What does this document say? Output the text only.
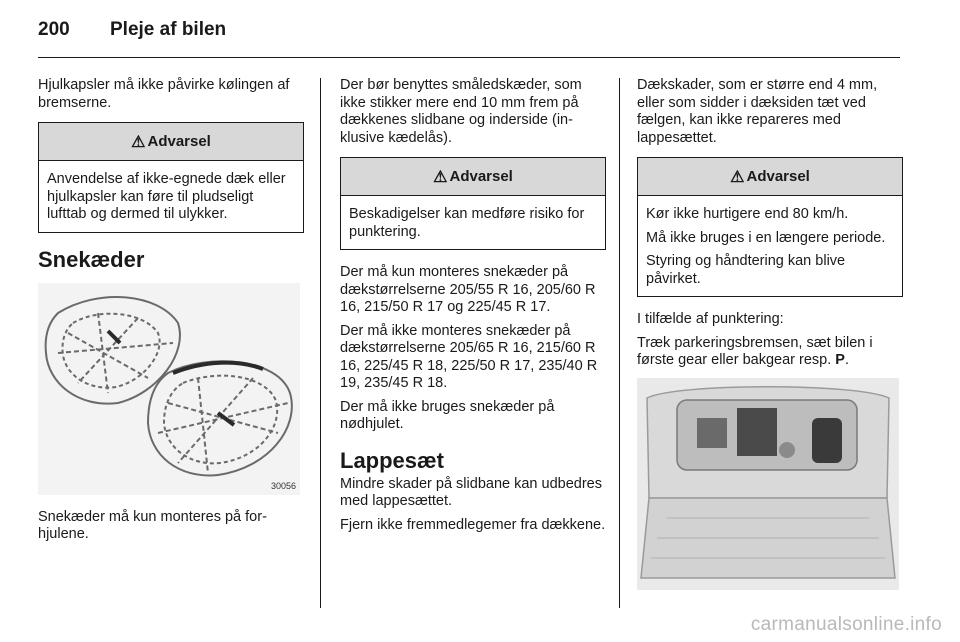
200	Pleje af bilen

Hjulkapsler må ikke påvirke kølingen af bremserne.

⚠ Advarsel

Anvendelse af ikke-egnede dæk eller hjulkapsler kan føre til pludseligt lufttab og dermed til ulykker.

Snekæder
30056

Snekæder må kun monteres på forhjulene.

Der bør benyttes småledskæder, som ikke stikker mere end 10 mm frem på dækkenes slidbane og inderside (inklusive kædelås).

⚠ Advarsel

Beskadigelser kan medføre risiko for punktering.

Der må kun monteres snekæder på dækstørrelserne 205/55 R 16, 205/60 R 16, 215/50 R 17 og 225/45 R 17.

Der må ikke monteres snekæder på dækstørrelserne 205/65 R 16, 215/60 R 16, 225/45 R 18, 225/50 R 17, 235/40 R 19, 235/45 R 18.

Der må ikke bruges snekæder på nødhjulet.

Lappesæt

Mindre skader på slidbane kan udbedres med lappesættet.

Fjern ikke fremmedlegemer fra dækkene.

Dækskader, som er større end 4 mm, eller som sidder i dæksiden tæt ved fælgen, kan ikke repareres med lappesættet.

⚠ Advarsel

Kør ikke hurtigere end 80 km/h.

Må ikke bruges i en længere periode.

Styring og håndtering kan blive påvirket.

I tilfælde af punktering:

Træk parkeringsbremsen, sæt bilen i første gear eller bakgear resp. P.

carmanualsonline.info
